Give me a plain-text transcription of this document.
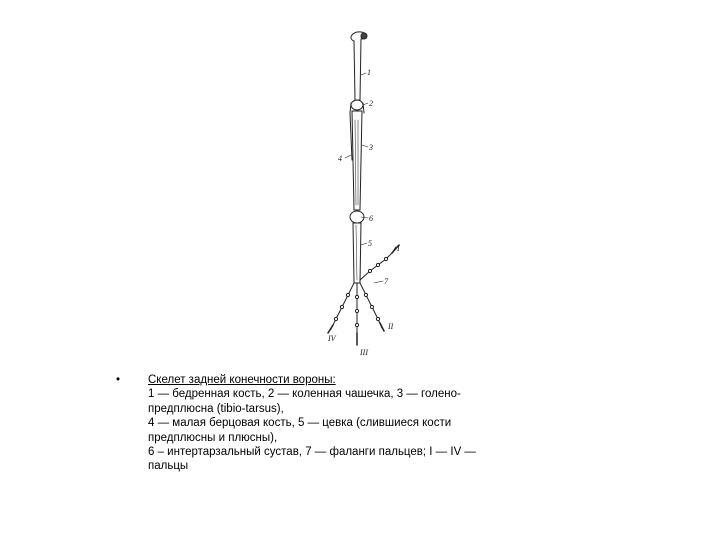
1
2
3
4
6
5
7
I
II
III
IV
• Скелет задней конечности вороны:
1 — бедренная кость, 2 — коленная чашечка, 3 — голено-
предплюсна (tibio-tarsus),
4 — малая берцовая кость, 5 — цевка (слившиеся кости
предплюсны и плюсны),
6 – интертарзальный сустав, 7 — фаланги пальцев; I — IV —
пальцы
